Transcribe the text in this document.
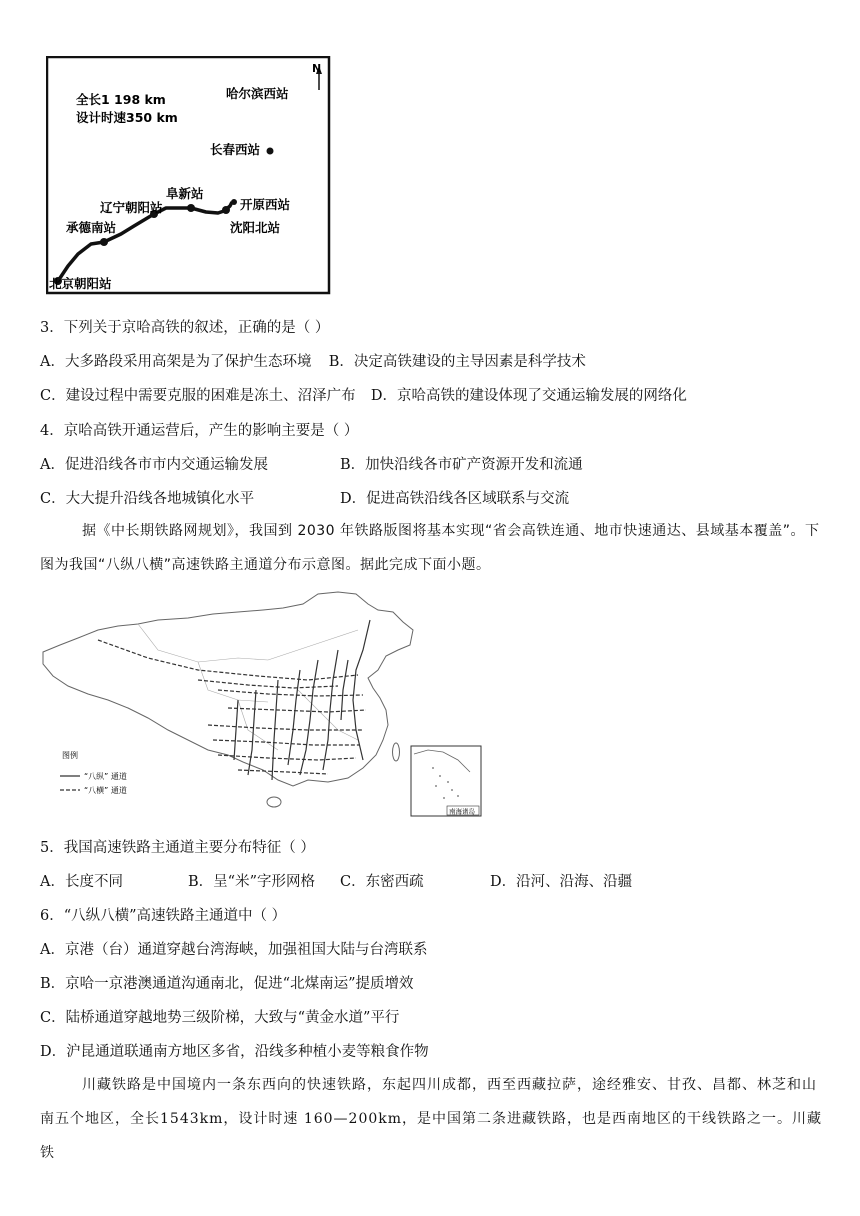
N
全长1 198 km
设计时速350 km
哈尔滨西站
长春西站
阜新站
开原西站
辽宁朝阳站
沈阳北站
承德南站
北京朝阳站
3．下列关于京哈高铁的叙述，正确的是（ ）
A．大多路段采用高架是为了保护生态环境 B．决定高铁建设的主导因素是科学技术
C．建设过程中需要克服的困难是冻土、沼泽广布 D．京哈高铁的建设体现了交通运输发展的网络化
4．京哈高铁开通运营后，产生的影响主要是（ ）
A．促进沿线各市市内交通运输发展	B．加快沿线各市矿产资源开发和流通
C．大大提升沿线各地城镇化水平	D．促进高铁沿线各区域联系与交流
据《中长期铁路网规划》，我国到 2030 年铁路版图将基本实现“省会高铁连通、地市快速通达、县域基本覆盖”。下图为我国“八纵八横”高速铁路主通道分布示意图。据此完成下面小题。
图例
“八纵” 通道
“八横” 通道
南海诸岛
5．我国高速铁路主通道主要分布特征（ ）
A．长度不同	B．呈“米”字形网格 C．东密西疏	D．沿河、沿海、沿疆
6．“八纵八横”高速铁路主通道中（ ）
A．京港（台）通道穿越台湾海峡，加强祖国大陆与台湾联系
B．京哈一京港澳通道沟通南北，促进“北煤南运”提质增效
C．陆桥通道穿越地势三级阶梯，大致与“黄金水道”平行
D．沪昆通道联通南方地区多省，沿线多种植小麦等粮食作物
川藏铁路是中国境内一条东西向的快速铁路，东起四川成都，西至西藏拉萨，途经雅安、甘孜、昌都、林芝和山南五个地区，全长1543km，设计时速 160—200km，是中国第二条进藏铁路，也是西南地区的干线铁路之一。川藏铁
